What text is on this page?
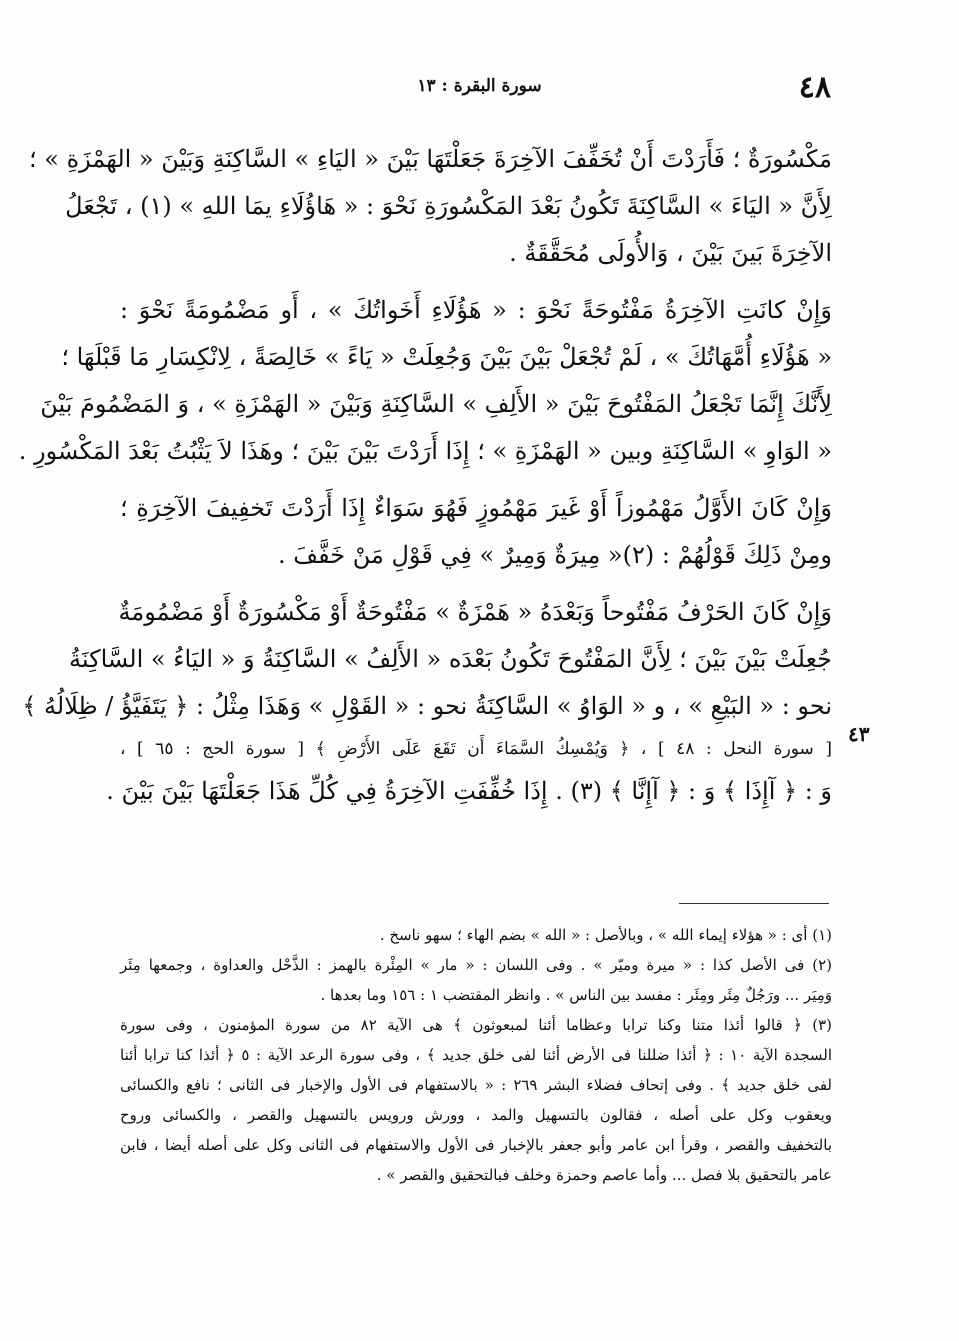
٤٨
سورة البقرة : ١٣
مَكْسُورَةٌ ؛ فَأَرَدْتَ أَنْ تُخَفِّفَ الآخِرَةَ جَعَلْتَهَا بَيْنَ « اليَاءِ » السَّاكِنَةِ وَبَيْنَ « الهَمْزَةِ » ؛
لِأَنَّ « اليَاءَ » السَّاكِنَةَ تَكُونُ بَعْدَ المَكْسُورَةِ نَحْوَ : « هَاؤُلَاءِ يمَا اللهِ » (١) ، تَجْعَلُ
الآخِرَةَ بَينَ بَيْنَ ، وَالأُولَى مُحَقَّقَةٌ .
وَإِنْ كانَتِ الآخِرَةُ مَفْتُوحَةً نَحْوَ : « هَؤُلَاءِ أَخَواتُكَ » ، أَو مَضْمُومَةً نَحْوَ :
« هَؤُلَاءِ أُمَّهَاتُكَ » ، لَمْ تُجْعَلْ بَيْنَ بَيْنَ وَجُعِلَتْ « يَاءً » خَالِصَةً ، لِانْكِسَارِ مَا قَبْلَهَا ؛
لِأَنَّكَ إِنَّمَا تَجْعَلُ المَفْتُوحَ بَيْنَ « الأَلِفِ » السَّاكِنَةِ وَبَيْنَ « الهَمْزَةِ » ، وَ المَضْمُومَ بَيْنَ
« الوَاوِ » السَّاكِنَةِ وبين « الهَمْزَةِ » ؛ إِذَا أَرَدْتَ بَيْنَ بَيْنَ ؛ وهَذَا لاَ يَثْبُتُ بَعْدَ المَكْسُورِ .
وَإِنْ كَانَ الأَوَّلُ مَهْمُوزاً أَوْ غَيرَ مَهْمُوزٍ فَهُوَ سَوَاءٌ إِذَا أَرَدْتَ تَخفِيفَ الآخِرَةِ ؛
ومِنْ ذَلِكَ قَوْلُهُمْ : (٢)« مِيرَةٌ وَمِيرٌ » فِي قَوْلِ مَنْ خَفَّفَ .
وَإِنْ كَانَ الحَرْفُ مَفْتُوحاً وَبَعْدَهُ « هَمْزَةٌ » مَفْتُوحَةٌ أَوْ مَكْسُورَةٌ أَوْ مَضْمُومَةٌ
جُعِلَتْ بَيْنَ بَيْنَ ؛ لِأَنَّ المَفْتُوحَ تَكُونُ بَعْدَه « الأَلِفُ » السَّاكِنَةُ وَ « اليَاءُ » السَّاكِنَةُ
نحو : « البَيْعِ » ، و « الوَاوُ » السَّاكِنَةُ نحو : « القَوْلِ » وَهَذَا مِثْلُ : ﴿ يَتَفَيَّؤُ / ظِلَالُهُ ﴾
[ سورة النحل : ٤٨ ] ، ﴿ وَيُمْسِكُ السَّمَاءَ أَن تَقَعَ عَلَى الأَرْضِ ﴾ [ سورة الحج : ٦٥ ] ،
وَ : ﴿ آإِذَا ﴾ وَ : ﴿ آإِنَّا ﴾ (٣) . إِذَا خُفِّفَتِ الآخِرَةُ فِي كُلِّ هَذَا جَعَلْتَهَا بَيْنَ بَيْنَ .
٤٣
(١) أى : « هؤلاء إيماء الله » ، وبالأصل : « الله » بضم الهاء ؛ سهو ناسخ .
(٢) فى الأصل كذا : « ميرة وميّر » . وفى اللسان : « مار » المِئْرة بالهمز : الذَّحْل والعداوة ، وجمعها مِئَر
وَمِيَر ... ورَجُلٌ مِئَر ومِئَر : مفسد بين الناس » . وانظر المقتضب ١ : ١٥٦ وما بعدها .
(٣) ﴿ قالوا أئذا متنا وكنا ترابا وعظاما أئنا لمبعوثون ﴾ هى الآية ٨٢ من سورة المؤمنون ، وفى سورة
السجدة الآية ١٠ : ﴿ أئذا ضللنا فى الأرض أئنا لفى خلق جديد ﴾ ، وفى سورة الرعد الآية : ٥ ﴿ أئذا كنا ترابا أئنا
لفى خلق جديد ﴾ . وفى إتحاف فضلاء البشر ٢٦٩ : « بالاستفهام فى الأول والإخبار فى الثانى ؛ نافع والكسائى
ويعقوب وكل على أصله ، فقالون بالتسهيل والمد ، وورش ورويس بالتسهيل والقصر ، والكسائى وروح
بالتخفيف والقصر ، وقرأ ابن عامر وأبو جعفر بالإخبار فى الأول والاستفهام فى الثانى وكل على أصله أيضا ، فابن
عامر بالتحقيق بلا فصل ... وأما عاصم وحمزة وخلف فبالتحقيق والقصر » .
